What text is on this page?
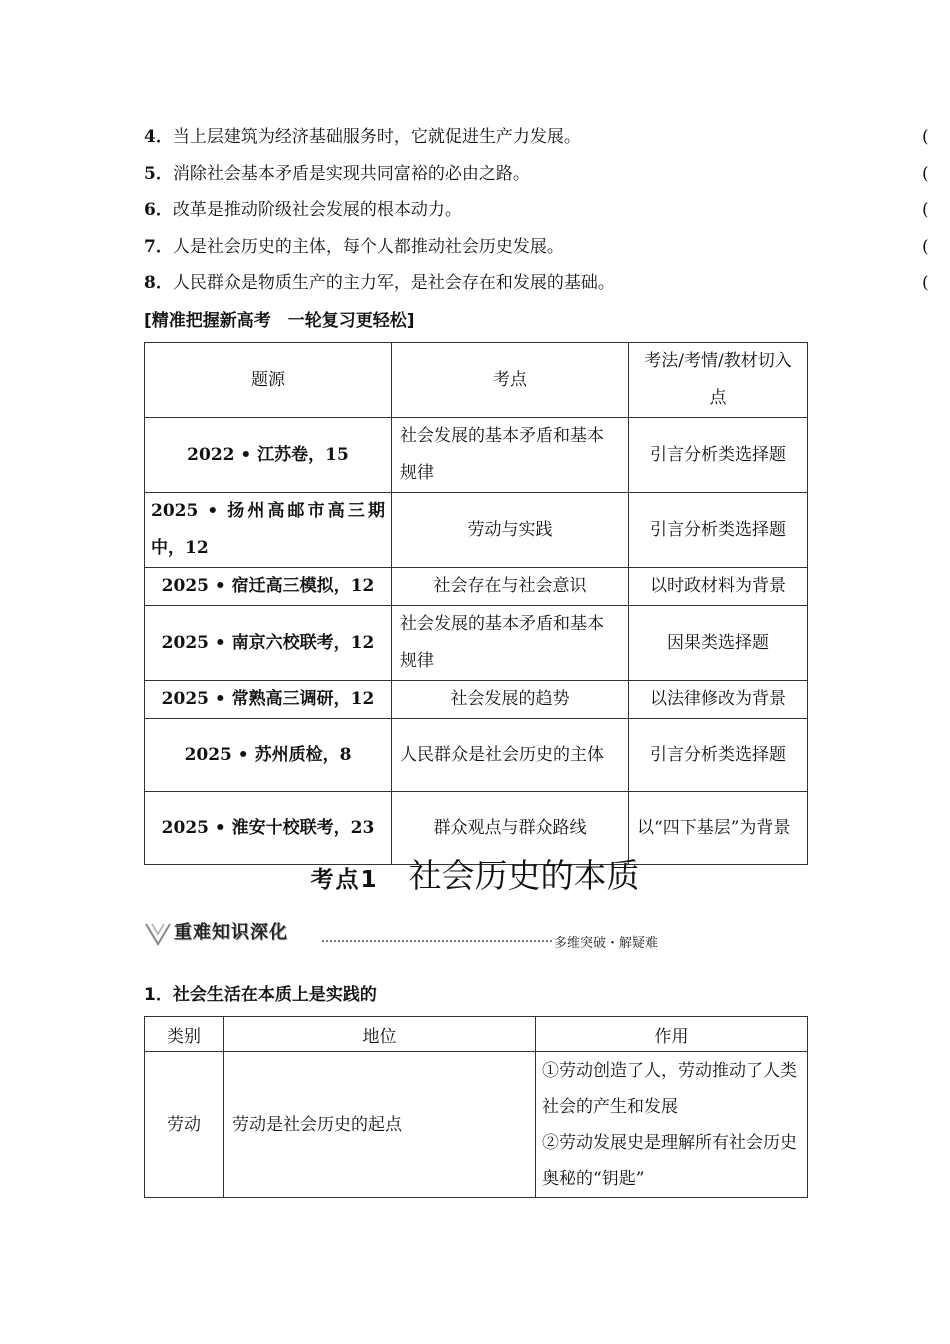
4．当上层建筑为经济基础服务时，它就促进生产力发展。	(
5．消除社会基本矛盾是实现共同富裕的必由之路。	(
6．改革是推动阶级社会发展的根本动力。	(
7．人是社会历史的主体，每个人都推动社会历史发展。	(
8．人民群众是物质生产的主力军，是社会存在和发展的基础。	(
[精准把握新高考　一轮复习更轻松]
题源	考点	考法/考情/教材切入点
2022 • 江苏卷，15	社会发展的基本矛盾和基本规律	引言分析类选择题
2025 • 扬州高邮市高三期中，12	劳动与实践	引言分析类选择题
2025 • 宿迁高三模拟，12	社会存在与社会意识	以时政材料为背景
2025 • 南京六校联考，12	社会发展的基本矛盾和基本规律	因果类选择题
2025 • 常熟高三调研，12	社会发展的趋势	以法律修改为背景
2025 • 苏州质检，8	人民群众是社会历史的主体	引言分析类选择题
2025 • 淮安十校联考，23	群众观点与群众路线	以“四下基层”为背景
考点1 社会历史的本质
重难知识深化
多维突破・解疑难
1．社会生活在本质上是实践的
类别	地位	作用
劳动	劳动是社会历史的起点	①劳动创造了人，劳动推动了人类社会的产生和发展
②劳动发展史是理解所有社会历史奥秘的“钥匙”
